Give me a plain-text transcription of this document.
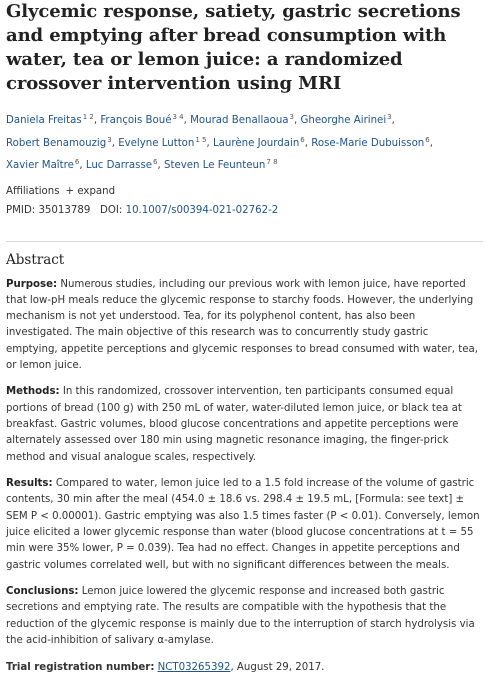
Glycemic response, satiety, gastric secretions and emptying after bread consumption with water, tea or lemon juice: a randomized crossover intervention using MRI
Daniela Freitas$^{1 2}$, François Boué$^{3 4}$, Mourad Benallaoua$^3$, Gheorghe Airinei$^3$,
Robert Benamouzig$^3$, Evelyne Lutton$^{1 5}$, Laurène Jourdain$^6$, Rose-Marie Dubuisson$^6$,
Xavier Maître$^6$, Luc Darrasse$^6$, Steven Le Feunteun$^{7 8}$
Affiliations + expand
PMID: 35013789 DOI: 10.1007/s00394-021-02762-2
Abstract

Purpose: Numerous studies, including our previous work with lemon juice, have reported that low-pH meals reduce the glycemic response to starchy foods. However, the underlying mechanism is not yet understood. Tea, for its polyphenol content, has also been investigated. The main objective of this research was to concurrently study gastric emptying, appetite perceptions and glycemic responses to bread consumed with water, tea, or lemon juice.

Methods: In this randomized, crossover intervention, ten participants consumed equal portions of bread (100 g) with 250 mL of water, water-diluted lemon juice, or black tea at breakfast. Gastric volumes, blood glucose concentrations and appetite perceptions were alternately assessed over 180 min using magnetic resonance imaging, the finger-prick method and visual analogue scales, respectively.

Results: Compared to water, lemon juice led to a 1.5 fold increase of the volume of gastric contents, 30 min after the meal (454.0 ± 18.6 vs. 298.4 ± 19.5 mL, [Formula: see text] ± SEM P < 0.00001). Gastric emptying was also 1.5 times faster (P < 0.01). Conversely, lemon juice elicited a lower glycemic response than water (blood glucose concentrations at t = 55 min were 35% lower, P = 0.039). Tea had no effect. Changes in appetite perceptions and gastric volumes correlated well, but with no significant differences between the meals.

Conclusions: Lemon juice lowered the glycemic response and increased both gastric secretions and emptying rate. The results are compatible with the hypothesis that the reduction of the glycemic response is mainly due to the interruption of starch hydrolysis via the acid-inhibition of salivary α-amylase.

Trial registration number: NCT03265392, August 29, 2017.
